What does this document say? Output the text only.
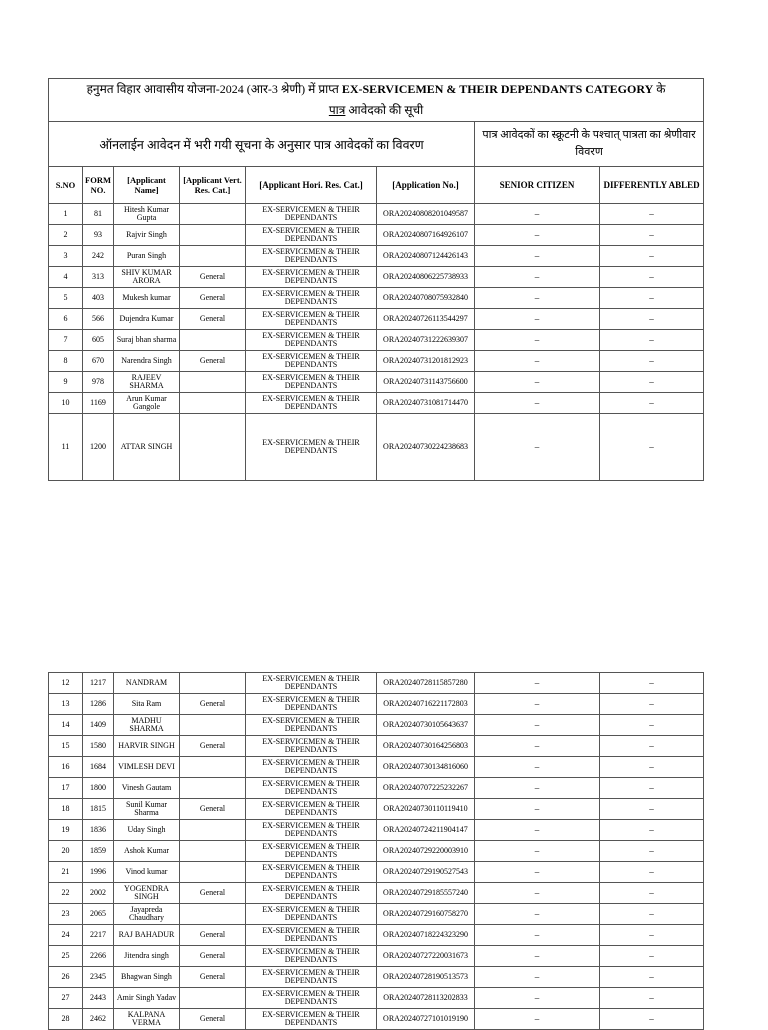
हनुमत विहार आवासीय योजना-2024 (आर-3 श्रेणी) में प्राप्त EX-SERVICEMEN & THEIR DEPENDANTS CATEGORY के
पात्र आवेदको की सूची							
ऑनलाईन आवेदन में भरी गयी सूचना के अनुसार पात्र आवेदकों का विवरण						पात्र आवेदकों का स्क्रूटनी के पश्चात् पात्रता का श्रेणीवार विवरण	
S.NO	FORM NO.	[Applicant Name]	[Applicant Vert. Res. Cat.]	[Applicant Hori. Res. Cat.]	[Application No.]	SENIOR CITIZEN	DIFFERENTLY ABLED
1	81	Hitesh Kumar Gupta		EX-SERVICEMEN & THEIR DEPENDANTS	ORA20240808201049587	–	–
2	93	Rajvir Singh		EX-SERVICEMEN & THEIR DEPENDANTS	ORA20240807164926107	–	–
3	242	Puran Singh		EX-SERVICEMEN & THEIR DEPENDANTS	ORA20240807124426143	–	–
4	313	SHIV KUMAR ARORA	General	EX-SERVICEMEN & THEIR DEPENDANTS	ORA20240806225738933	–	–
5	403	Mukesh kumar	General	EX-SERVICEMEN & THEIR DEPENDANTS	ORA20240708075932840	–	–
6	566	Dujendra Kumar	General	EX-SERVICEMEN & THEIR DEPENDANTS	ORA20240726113544297	–	–
7	605	Suraj bhan sharma		EX-SERVICEMEN & THEIR DEPENDANTS	ORA20240731222639307	–	–
8	670	Narendra Singh	General	EX-SERVICEMEN & THEIR DEPENDANTS	ORA20240731201812923	–	–
9	978	RAJEEV SHARMA		EX-SERVICEMEN & THEIR DEPENDANTS	ORA20240731143756600	–	–
10	1169	Arun Kumar Gangole		EX-SERVICEMEN & THEIR DEPENDANTS	ORA20240731081714470	–	–
11	1200	ATTAR SINGH		EX-SERVICEMEN & THEIR DEPENDANTS	ORA20240730224238683	–	–
12	1217	NANDRAM		EX-SERVICEMEN & THEIR DEPENDANTS	ORA20240728115857280	–	–
13	1286	Sita Ram	General	EX-SERVICEMEN & THEIR DEPENDANTS	ORA20240716221172803	–	–
14	1409	MADHU SHARMA		EX-SERVICEMEN & THEIR DEPENDANTS	ORA20240730105643637	–	–
15	1580	HARVIR SINGH	General	EX-SERVICEMEN & THEIR DEPENDANTS	ORA20240730164256803	–	–
16	1684	VIMLESH DEVI		EX-SERVICEMEN & THEIR DEPENDANTS	ORA20240730134816060	–	–
17	1800	Vinesh Gautam		EX-SERVICEMEN & THEIR DEPENDANTS	ORA20240707225232267	–	–
18	1815	Sunil Kumar Sharma	General	EX-SERVICEMEN & THEIR DEPENDANTS	ORA20240730110119410	–	–
19	1836	Uday Singh		EX-SERVICEMEN & THEIR DEPENDANTS	ORA20240724211904147	–	–
20	1859	Ashok Kumar		EX-SERVICEMEN & THEIR DEPENDANTS	ORA20240729220003910	–	–
21	1996	Vinod kumar		EX-SERVICEMEN & THEIR DEPENDANTS	ORA20240729190527543	–	–
22	2002	YOGENDRA SINGH	General	EX-SERVICEMEN & THEIR DEPENDANTS	ORA20240729185557240	–	–
23	2065	Jayapreda Chaudhary		EX-SERVICEMEN & THEIR DEPENDANTS	ORA20240729160758270	–	–
24	2217	RAJ BAHADUR	General	EX-SERVICEMEN & THEIR DEPENDANTS	ORA20240718224323290	–	–
25	2266	Jitendra singh	General	EX-SERVICEMEN & THEIR DEPENDANTS	ORA20240727220031673	–	–
26	2345	Bhagwan Singh	General	EX-SERVICEMEN & THEIR DEPENDANTS	ORA20240728190513573	–	–
27	2443	Amir Singh Yadav		EX-SERVICEMEN & THEIR DEPENDANTS	ORA20240728113202833	–	–
28	2462	KALPANA VERMA	General	EX-SERVICEMEN & THEIR DEPENDANTS	ORA20240727101019190	–	–
